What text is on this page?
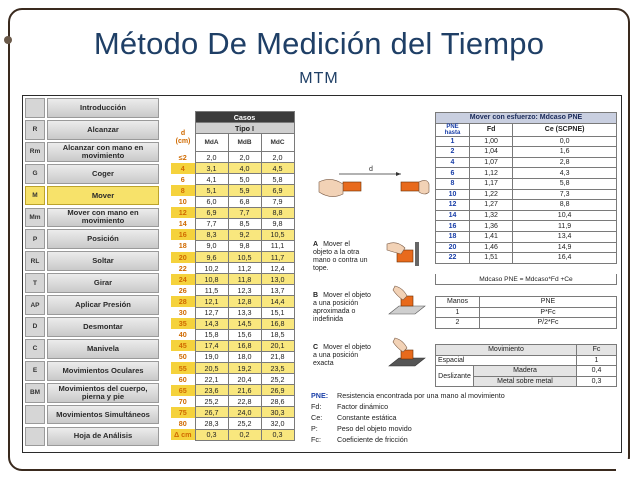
Método De Medición del Tiempo
MTM
Introducción
R	Alcanzar
Rm	Alcanzar con mano en movimiento
G	Coger
M	Mover
Mm	Mover con mano en movimiento
P	Posición
RL	Soltar
T	Girar
AP	Aplicar Presión
D	Desmontar
C	Manivela
E	Movimientos Oculares
BM	Movimientos del cuerpo, pierna y pie
Movimientos Simultáneos
Hoja de Análisis
d
(cm)
	Casos		
	Tipo I		
	MdA	MdB	MdC
≤2	2,0	2,0	2,0
4	3,1	4,0	4,5
6	4,1	5,0	5,8
8	5,1	5,9	6,9
10	6,0	6,8	7,9
12	6,9	7,7	8,8
14	7,7	8,5	9,8
16	8,3	9,2	10,5
18	9,0	9,8	11,1
20	9,6	10,5	11,7
22	10,2	11,2	12,4
24	10,8	11,8	13,0
26	11,5	12,3	13,7
28	12,1	12,8	14,4
30	12,7	13,3	15,1
35	14,3	14,5	16,8
40	15,8	15,6	18,5
45	17,4	16,8	20,1
50	19,0	18,0	21,8
55	20,5	19,2	23,5
60	22,1	20,4	25,2
65	23,6	21,6	26,9
70	25,2	22,8	28,6
75	26,7	24,0	30,3
80	28,3	25,2	32,0
Δ cm	0,3	0,2	0,3
d
A Mover el objeto a la otra mano o contra un tope.
B Mover el objeto a una posición aproximada o indefinida
C Mover el objeto a una posición exacta
Mover con esfuerzo: Mdcaso PNE		
PNE hasta	Fd	Ce (SCPNE)
1	1,00	0,0
2	1,04	1,6
4	1,07	2,8
6	1,12	4,3
8	1,17	5,8
10	1,22	7,3
12	1,27	8,8
14	1,32	10,4
16	1,36	11,9
18	1,41	13,4
20	1,46	14,9
22	1,51	16,4
Mdcaso PNE = Mdcaso*Fd +Ce
Manos	PNE
1	P*Fc
2	P/2*Fc
Movimiento		Fc
Espacial		1
Deslizante	Madera	0,4
	Metal sobre metal	0,3
PNE:	Resistencia encontrada por una mano al movimiento
Fd:	Factor dinámico
Ce:	Constante estática
P:	Peso del objeto movido
Fc:	Coeficiente de fricción
